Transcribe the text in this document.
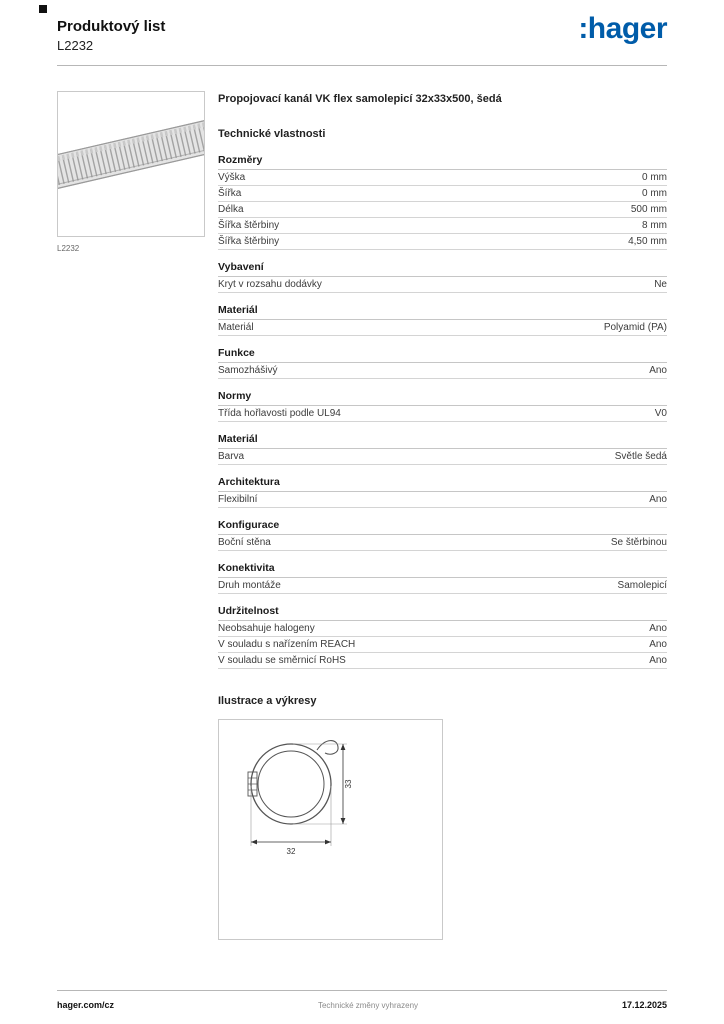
Produktový list
L2232
:hager
L2232
Propojovací kanál VK flex samolepicí 32x33x500, šedá
Technické vlastnosti
Rozměry
Výška	0 mm
Šířka	0 mm
Délka	500 mm
Šířka štěrbiny	8 mm
Šířka štěrbiny	4,50 mm
Vybavení
Kryt v rozsahu dodávky	Ne
Materiál
Materiál	Polyamid (PA)
Funkce
Samozhášivý	Ano
Normy
Třída hořlavosti podle UL94	V0
Materiál
Barva	Světle šedá
Architektura
Flexibilní	Ano
Konfigurace
Boční stěna	Se štěrbinou
Konektivita
Druh montáže	Samolepicí
Udržitelnost
Neobsahuje halogeny	Ano
V souladu s nařízením REACH	Ano
V souladu se směrnicí RoHS	Ano
Ilustrace a výkresy
33
32
hager.com/cz	Technické změny vyhrazeny	17.12.2025
